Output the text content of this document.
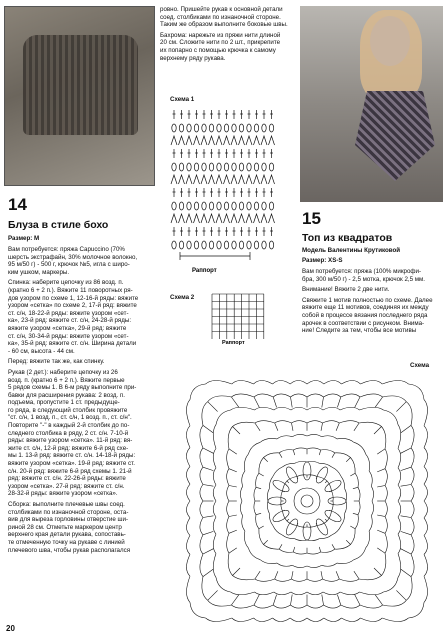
14
Блуза в стиле бохо
Размер: М
Вам потребуется: пряжа Capuccino (70%
шерсть экстрафайн, 30% молочное волокно,
95 м/50 г) - 500 г, крючок №5, игла с широ-
ким ушком, маркеры.

Спинка: наберите цепочку из 86 возд. п.
(кратно 6 + 2 п.). Вяжите 11 поворотных ря-
дов узором по схеме 1, 12-16-й ряды: вяжите
узором «сетка» по схеме 2, 17-й ряд: вяжите
ст. с/н, 18-22-й ряды: вяжите узором «сет-
ка», 23-й ряд: вяжите ст. с/н, 24-28-й ряды:
вяжите узором «сетка», 29-й ряд: вяжите
ст. с/н, 30-34-й ряды: вяжите узором «сет-
ка», 35-й ряд: вяжите ст. с/н. Ширина детали
- 60 см, высота - 44 см.

Перед: вяжите так же, как спинку.

Рукав (2 дет.): наберите цепочку из 26
возд. п. (кратно 6 + 2 п.). Вяжите первые
5 рядов схемы 1. В 6-м ряду выполните при-
бавки для расширения рукава: 2 возд. п.
подъема, пропустите 1 ст. предыдуще-
го ряда, в следующий столбик провяжите
"ст. с/н, 1 возд. п., ст. с/н, 1 возд. п., ст. с/н".
Повторите "-" в каждый 2-й столбик до по-
следнего столбика в ряду, 2 ст. с/н. 7-10-й
ряды: вяжите узором «сетка». 11-й ряд: вя-
жите ст. с/н, 12-й ряд: вяжите 6-й ряд схе-
мы 1. 13-й ряд: вяжите ст. с/н. 14-18-й ряды:
вяжите узором «сетка». 19-й ряд: вяжите ст.
с/н. 20-й ряд: вяжите 6-й ряд схемы 1. 21-й
ряд: вяжите ст. с/н. 22-26-й ряды: вяжите
узором «сетка». 27-й ряд: вяжите ст. с/н.
28-32-й ряды: вяжите узором «сетка».

Сборка: выполните плечевые швы соед.
столбиками по изнаночной стороне, оста-
вив для выреза горловины отверстие ши-
риной 28 см. Отметьте маркером центр
верхнего края детали рукава, сопоставь-
те отмеченную точку на рукаве с линией
плечевого шва, чтобы рукав располагался
ровно. Пришейте рукав к основной детали
соед. столбиками по изнаночной стороне.
Таким же образом выполните боковые швы.

Бахрома: нарежьте из пряжи нити длиной
20 см. Сложите нити по 2 шт., прикрепите
их попарно с помощью крючка к самому
верхнему ряду рукава.
Схема 1
Раппорт
Схема 2
Раппорт
15
Топ из квадратов
Модель Валентины Крутиковой
Размер: XS-S
Вам потребуется: пряжа (100% микрофи-
бра, 300 м/50 г) - 2,5 мотка, крючок 2,5 мм.

Внимание! Вяжите 2 две нити.

Свяжите 1 мотив полностью по схеме. Далее
вяжите еще 11 мотивов, соединяя их между
собой в процессе вязания последнего ряда
арочек в соответствии с рисунком. Внима-
ние! Следите за тем, чтобы все мотивы
Схема
20
